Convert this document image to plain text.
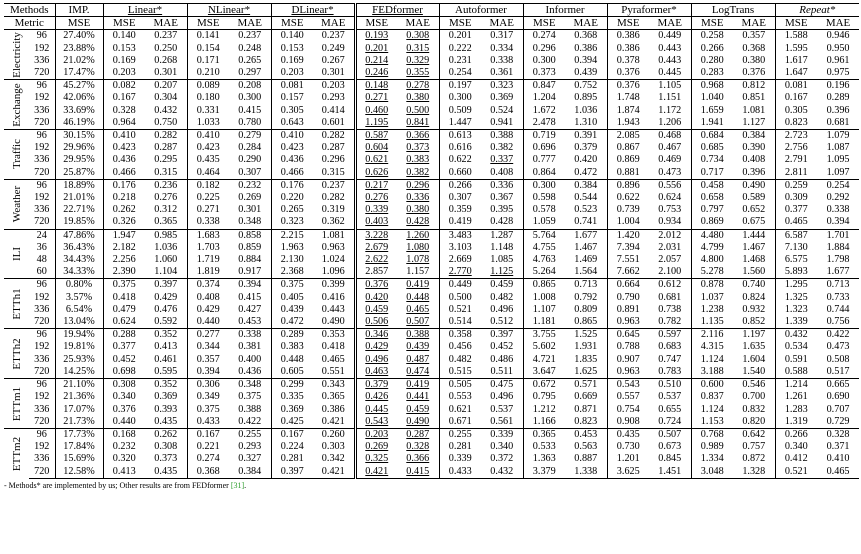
Methods		IMP.	Linear*		NLinear*		DLinear*		FEDformer		Autoformer		Informer		Pyraformer*		LogTrans		Repeat*	
Metric		MSE	MSE	MAE	MSE	MAE	MSE	MAE	MSE	MAE	MSE	MAE	MSE	MAE	MSE	MAE	MSE	MAE	MSE	MAE

Electricity	96	27.40%	0.140	0.237	0.141	0.237	0.140	0.237	0.193	0.308	0.201	0.317	0.274	0.368	0.386	0.449	0.258	0.357	1.588	0.946
	192	23.88%	0.153	0.250	0.154	0.248	0.153	0.249	0.201	0.315	0.222	0.334	0.296	0.386	0.386	0.443	0.266	0.368	1.595	0.950
	336	21.02%	0.169	0.268	0.171	0.265	0.169	0.267	0.214	0.329	0.231	0.338	0.300	0.394	0.378	0.443	0.280	0.380	1.617	0.961
	720	17.47%	0.203	0.301	0.210	0.297	0.203	0.301	0.246	0.355	0.254	0.361	0.373	0.439	0.376	0.445	0.283	0.376	1.647	0.975

Exchange	96	45.27%	0.082	0.207	0.089	0.208	0.081	0.203	0.148	0.278	0.197	0.323	0.847	0.752	0.376	1.105	0.968	0.812	0.081	0.196
	192	42.06%	0.167	0.304	0.180	0.300	0.157	0.293	0.271	0.380	0.300	0.369	1.204	0.895	1.748	1.151	1.040	0.851	0.167	0.289
	336	33.69%	0.328	0.432	0.331	0.415	0.305	0.414	0.460	0.500	0.509	0.524	1.672	1.036	1.874	1.172	1.659	1.081	0.305	0.396
	720	46.19%	0.964	0.750	1.033	0.780	0.643	0.601	1.195	0.841	1.447	0.941	2.478	1.310	1.943	1.206	1.941	1.127	0.823	0.681

Traffic	96	30.15%	0.410	0.282	0.410	0.279	0.410	0.282	0.587	0.366	0.613	0.388	0.719	0.391	2.085	0.468	0.684	0.384	2.723	1.079
	192	29.96%	0.423	0.287	0.423	0.284	0.423	0.287	0.604	0.373	0.616	0.382	0.696	0.379	0.867	0.467	0.685	0.390	2.756	1.087
	336	29.95%	0.436	0.295	0.435	0.290	0.436	0.296	0.621	0.383	0.622	0.337	0.777	0.420	0.869	0.469	0.734	0.408	2.791	1.095
	720	25.87%	0.466	0.315	0.464	0.307	0.466	0.315	0.626	0.382	0.660	0.408	0.864	0.472	0.881	0.473	0.717	0.396	2.811	1.097

Weather	96	18.89%	0.176	0.236	0.182	0.232	0.176	0.237	0.217	0.296	0.266	0.336	0.300	0.384	0.896	0.556	0.458	0.490	0.259	0.254
	192	21.01%	0.218	0.276	0.225	0.269	0.220	0.282	0.276	0.336	0.307	0.367	0.598	0.544	0.622	0.624	0.658	0.589	0.309	0.292
	336	22.71%	0.262	0.312	0.271	0.301	0.265	0.319	0.339	0.380	0.359	0.395	0.578	0.523	0.739	0.753	0.797	0.652	0.377	0.338
	720	19.85%	0.326	0.365	0.338	0.348	0.323	0.362	0.403	0.428	0.419	0.428	1.059	0.741	1.004	0.934	0.869	0.675	0.465	0.394

ILI	24	47.86%	1.947	0.985	1.683	0.858	2.215	1.081	3.228	1.260	3.483	1.287	5.764	1.677	1.420	2.012	4.480	1.444	6.587	1.701
	36	36.43%	2.182	1.036	1.703	0.859	1.963	0.963	2.679	1.080	3.103	1.148	4.755	1.467	7.394	2.031	4.799	1.467	7.130	1.884
	48	34.43%	2.256	1.060	1.719	0.884	2.130	1.024	2.622	1.078	2.669	1.085	4.763	1.469	7.551	2.057	4.800	1.468	6.575	1.798
	60	34.33%	2.390	1.104	1.819	0.917	2.368	1.096	2.857	1.157	2.770	1.125	5.264	1.564	7.662	2.100	5.278	1.560	5.893	1.677

ETTh1	96	0.80%	0.375	0.397	0.374	0.394	0.375	0.399	0.376	0.419	0.449	0.459	0.865	0.713	0.664	0.612	0.878	0.740	1.295	0.713
	192	3.57%	0.418	0.429	0.408	0.415	0.405	0.416	0.420	0.448	0.500	0.482	1.008	0.792	0.790	0.681	1.037	0.824	1.325	0.733
	336	6.54%	0.479	0.476	0.429	0.427	0.439	0.443	0.459	0.465	0.521	0.496	1.107	0.809	0.891	0.738	1.238	0.932	1.323	0.744
	720	13.04%	0.624	0.592	0.440	0.453	0.472	0.490	0.506	0.507	0.514	0.512	1.181	0.865	0.963	0.782	1.135	0.852	1.339	0.756

ETTh2	96	19.94%	0.288	0.352	0.277	0.338	0.289	0.353	0.346	0.388	0.358	0.397	3.755	1.525	0.645	0.597	2.116	1.197	0.432	0.422
	192	19.81%	0.377	0.413	0.344	0.381	0.383	0.418	0.429	0.439	0.456	0.452	5.602	1.931	0.788	0.683	4.315	1.635	0.534	0.473
	336	25.93%	0.452	0.461	0.357	0.400	0.448	0.465	0.496	0.487	0.482	0.486	4.721	1.835	0.907	0.747	1.124	1.604	0.591	0.508
	720	14.25%	0.698	0.595	0.394	0.436	0.605	0.551	0.463	0.474	0.515	0.511	3.647	1.625	0.963	0.783	3.188	1.540	0.588	0.517

ETTm1	96	21.10%	0.308	0.352	0.306	0.348	0.299	0.343	0.379	0.419	0.505	0.475	0.672	0.571	0.543	0.510	0.600	0.546	1.214	0.665
	192	21.36%	0.340	0.369	0.349	0.375	0.335	0.365	0.426	0.441	0.553	0.496	0.795	0.669	0.557	0.537	0.837	0.700	1.261	0.690
	336	17.07%	0.376	0.393	0.375	0.388	0.369	0.386	0.445	0.459	0.621	0.537	1.212	0.871	0.754	0.655	1.124	0.832	1.283	0.707
	720	21.73%	0.440	0.435	0.433	0.422	0.425	0.421	0.543	0.490	0.671	0.561	1.166	0.823	0.908	0.724	1.153	0.820	1.319	0.729

ETTm2	96	17.73%	0.168	0.262	0.167	0.255	0.167	0.260	0.203	0.287	0.255	0.339	0.365	0.453	0.435	0.507	0.768	0.642	0.266	0.328
	192	17.84%	0.232	0.308	0.221	0.293	0.224	0.303	0.269	0.328	0.281	0.340	0.533	0.563	0.730	0.673	0.989	0.757	0.340	0.371
	336	15.69%	0.320	0.373	0.274	0.327	0.281	0.342	0.325	0.366	0.339	0.372	1.363	0.887	1.201	0.845	1.334	0.872	0.412	0.410
	720	12.58%	0.413	0.435	0.368	0.384	0.397	0.421	0.421	0.415	0.433	0.432	3.379	1.338	3.625	1.451	3.048	1.328	0.521	0.465
- Methods* are implemented by us; Other results are from FEDformer [31].
